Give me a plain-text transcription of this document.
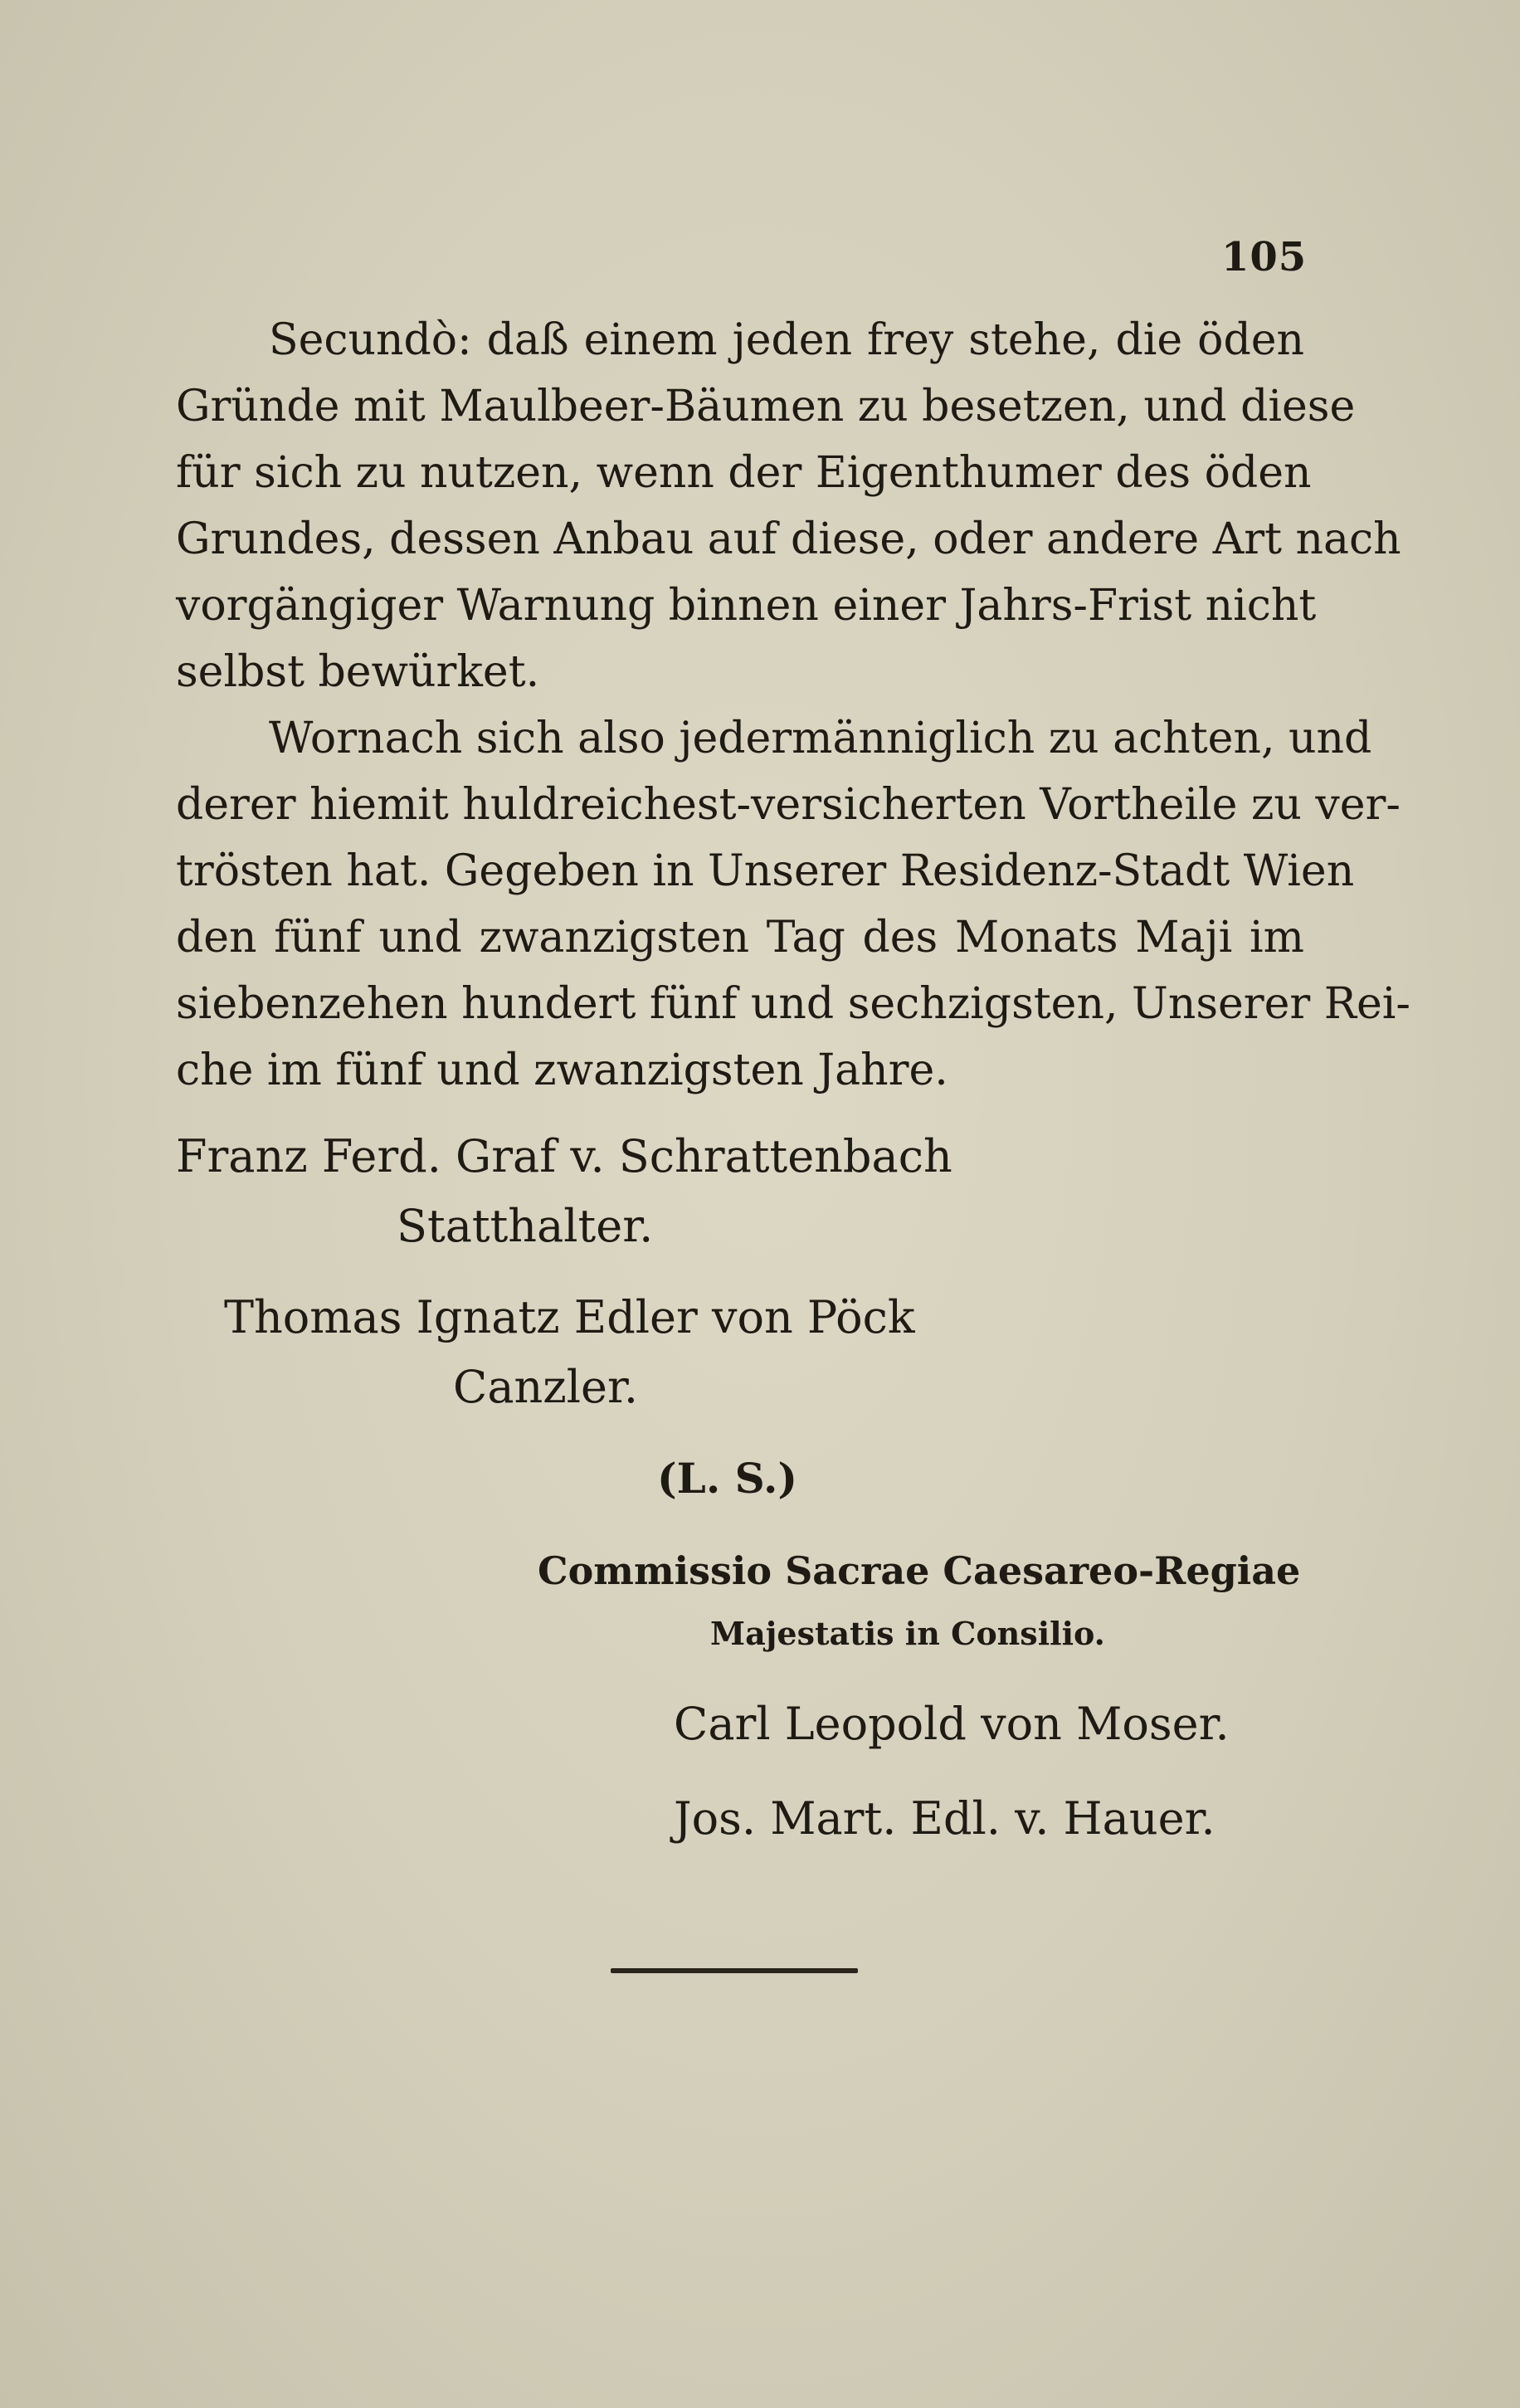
105
Secundò: daß einem jeden frey stehe, die öden
Gründe mit Maulbeer-Bäumen zu besetzen, und diese
für sich zu nutzen, wenn der Eigenthumer des öden
Grundes, dessen Anbau auf diese, oder andere Art nach
vorgängiger Warnung binnen einer Jahrs-Frist nicht
selbst bewürket.
Wornach sich also jedermänniglich zu achten, und
derer hiemit huldreichest-versicherten Vortheile zu ver-
trösten hat. Gegeben in Unserer Residenz-Stadt Wien
den fünf und zwanzigsten Tag des Monats Maji im
siebenzehen hundert fünf und sechzigsten, Unserer Rei-
che im fünf und zwanzigsten Jahre.
Franz Ferd. Graf v. Schrattenbach
Statthalter.
Thomas Ignatz Edler von Pöck
Canzler.
(L. S.)
Commissio Sacrae Caesareo-Regiae
Majestatis in Consilio.
Carl Leopold von Moser.
Jos. Mart. Edl. v. Hauer.
